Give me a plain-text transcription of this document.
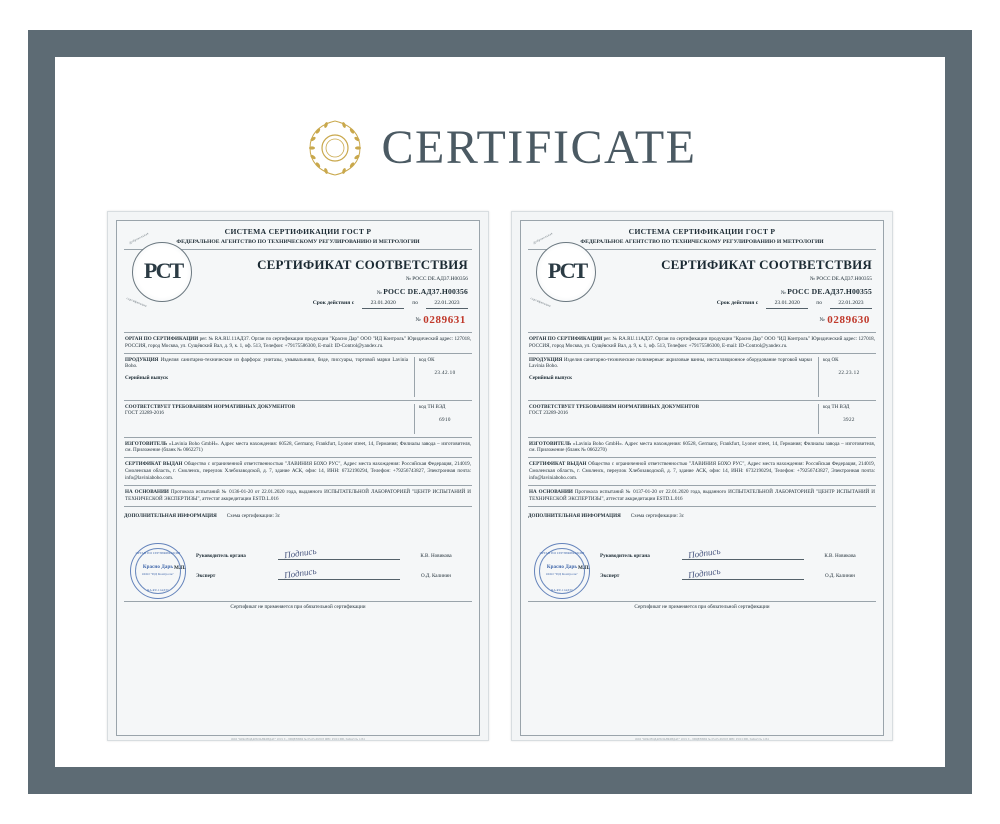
CERTIFICATE
СИСТЕМА СЕРТИФИКАЦИИ ГОСТ Р
ФЕДЕРАЛЬНОЕ АГЕНТСТВО ПО ТЕХНИЧЕСКОМУ РЕГУЛИРОВАНИЮ И МЕТРОЛОГИИ
СЕРТИФИКАТ СООТВЕТСТВИЯ
РСТ
Добровольная
сертификация
№ РОСС DE.АД37.Н00356
№ РОСС DE.АД37.Н00356
Срок действия с	23.01.2020	по	22.01.2023
№ 0289631
ОРГАН ПО СЕРТИФИКАЦИИ рег. № RA.RU.11АД37. Орган по сертификации продукции "Красно Дар" ООО "ИД Контроль" Юридический адрес: 127018, РОССИЯ, город Москва, ул. Сущёвский Вал, д. 9, к. 1, оф. 513, Телефон: +79175586300, E-mail: ID-Control@yandex.ru.
ПРОДУКЦИЯ Изделия санитарно-технические из фарфора: унитазы, умывальники, биде, писсуары, торговой марки Lavinia Boho.
Серийный выпуск
код ОК
23.42.10
СООТВЕТСТВУЕТ ТРЕБОВАНИЯМ НОРМАТИВНЫХ ДОКУМЕНТОВ
ГОСТ 23289-2016
код ТН ВЭД
6910
ИЗГОТОВИТЕЛЬ «Lavinia Boho GmbH». Адрес места нахождения: 60528, Germany, Frankfurt, Lyoner street, 14, Германия; Филиалы завода – изготовителя, см. Приложение (бланк № 0662271)
СЕРТИФИКАТ ВЫДАН Общество с ограниченной ответственностью "ЛАВИНИЯ БОХО РУС", Адрес места нахождения: Российская Федерация, 214019, Смоленская область, г. Смоленск, переулок Хлебозаводской, д. 7, здание АСК, офис 14, ИНН: 6732190294, Телефон: +79256743827, Электронная почта: info@laviniaboho.com.
НА ОСНОВАНИИ Протокола испытаний № 0136-01-20 от 22.01.2020 года, выданного ИСПЫТАТЕЛЬНОЙ ЛАБОРАТОРИЕЙ "ЦЕНТР ИСПЫТАНИЙ И ТЕХНИЧЕСКОЙ ЭКСПЕРТИЗЫ", аттестат аккредитации ESTD.L.016
ДОПОЛНИТЕЛЬНАЯ ИНФОРМАЦИЯ Схема сертификации: 3с
ОРГАН ПО СЕРТИФИКАЦИИ
Красно Дарь
ООО "ИД Контроль"
RA.RU.11АД37
М.П.
Руководитель органа	Подпись	К.В. Новикова
Эксперт	Подпись	О.Д. Калинин
Сертификат не применяется при обязательной сертификации
ООО "КРАСНОДАРБЛАНКИЗДАТ" 2019 Г., ЛИЦЕНЗИЯ № 05-05-09/003 ФНС РОССИИ, ЗАКАЗ № 1234
СИСТЕМА СЕРТИФИКАЦИИ ГОСТ Р
ФЕДЕРАЛЬНОЕ АГЕНТСТВО ПО ТЕХНИЧЕСКОМУ РЕГУЛИРОВАНИЮ И МЕТРОЛОГИИ
СЕРТИФИКАТ СООТВЕТСТВИЯ
РСТ
Добровольная
сертификация
№ РОСС DE.АД37.Н00355
№ РОСС DE.АД37.Н00355
Срок действия с	23.01.2020	по	22.01.2023
№ 0289630
ОРГАН ПО СЕРТИФИКАЦИИ рег. № RA.RU.11АД37. Орган по сертификации продукции "Красно Дар" ООО "ИД Контроль" Юридический адрес: 127018, РОССИЯ, город Москва, ул. Сущёвский Вал, д. 9, к. 1, оф. 513, Телефон: +79175586300, E-mail: ID-Control@yandex.ru.
ПРОДУКЦИЯ Изделия санитарно-технические полимерные: акриловые ванны, инсталляционное оборудование торговой марки Lavinia Boho.
Серийный выпуск
код ОК
22.23.12
СООТВЕТСТВУЕТ ТРЕБОВАНИЯМ НОРМАТИВНЫХ ДОКУМЕНТОВ
ГОСТ 23289-2016
код ТН ВЭД
3922
ИЗГОТОВИТЕЛЬ «Lavinia Boho GmbH». Адрес места нахождения: 60528, Germany, Frankfurt, Lyoner street, 14, Германия; Филиалы завода – изготовителя, см. Приложение (бланк № 0662270)
СЕРТИФИКАТ ВЫДАН Общество с ограниченной ответственностью "ЛАВИНИЯ БОХО РУС", Адрес места нахождения: Российская Федерация, 214019, Смоленская область, г. Смоленск, переулок Хлебозаводской, д. 7, здание АСК, офис 14, ИНН: 6732190294, Телефон: +79256743827, Электронная почта: info@laviniaboho.com.
НА ОСНОВАНИИ Протокола испытаний № 0137-01-20 от 22.01.2020 года, выданного ИСПЫТАТЕЛЬНОЙ ЛАБОРАТОРИЕЙ "ЦЕНТР ИСПЫТАНИЙ И ТЕХНИЧЕСКОЙ ЭКСПЕРТИЗЫ", аттестат аккредитации ESTD.L.016
ДОПОЛНИТЕЛЬНАЯ ИНФОРМАЦИЯ Схема сертификации: 3с
ОРГАН ПО СЕРТИФИКАЦИИ
Красно Дарь
ООО "ИД Контроль"
RA.RU.11АД37
М.П.
Руководитель органа	Подпись	К.В. Новикова
Эксперт	Подпись	О.Д. Калинин
Сертификат не применяется при обязательной сертификации
ООО "КРАСНОДАРБЛАНКИЗДАТ" 2019 Г., ЛИЦЕНЗИЯ № 05-05-09/003 ФНС РОССИИ, ЗАКАЗ № 1234
